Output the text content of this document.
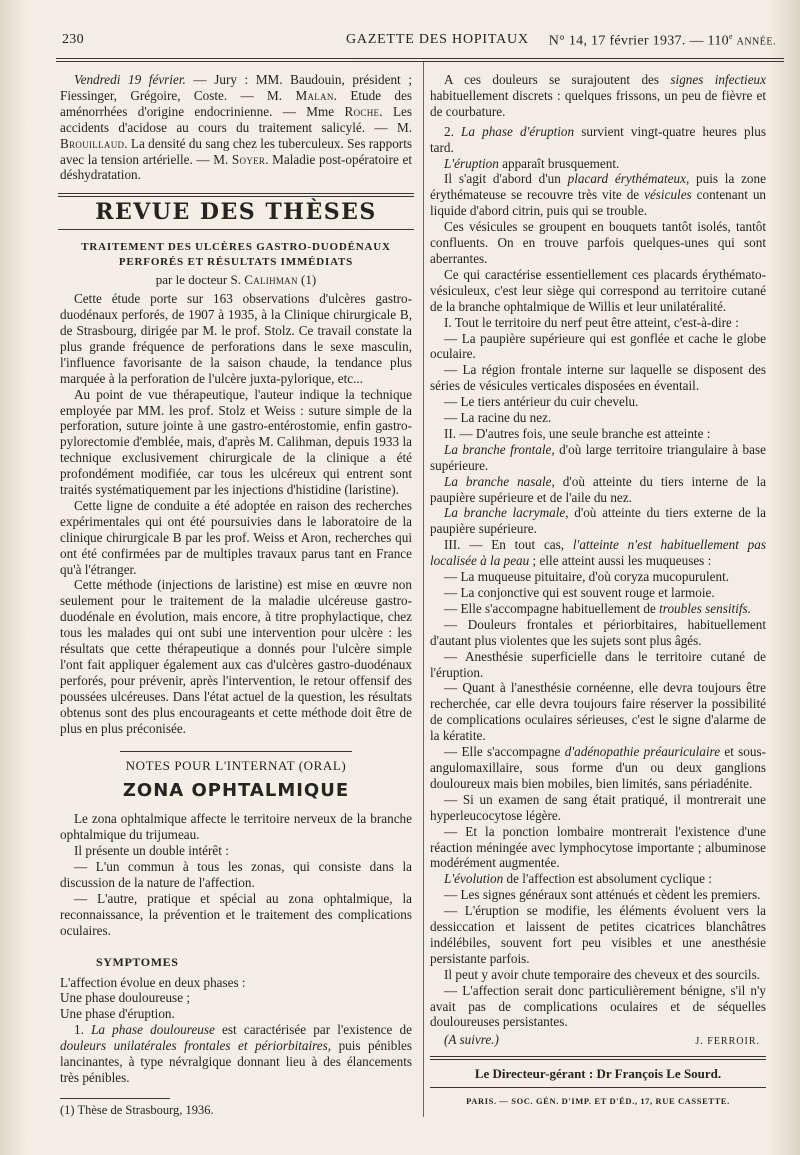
230	GAZETTE DES HOPITAUX N° 14, 17 février 1937. — 110e ANNÉE.

Vendredi 19 février. — Jury : MM. Baudouin, président ; Fiessinger, Grégoire, Coste. — M. Malan. Etude des aménorrhées d'origine endocrinienne. — Mme Roche. Les accidents d'acidose au cours du traitement salicylé. — M. Brouillaud. La densité du sang chez les tuberculeux. Ses rapports avec la tension artérielle. — M. Soyer. Maladie post-opératoire et déshydratation.

REVUE DES THÈSES
TRAITEMENT DES ULCÈRES GASTRO-DUODÉNAUX PERFORÉS ET RÉSULTATS IMMÉDIATS
par le docteur S. Calihman (1)

Cette étude porte sur 163 observations d'ulcères gastro-duodénaux perforés, de 1907 à 1935, à la Clinique chirurgicale B, de Strasbourg, dirigée par M. le prof. Stolz. Ce travail constate la plus grande fréquence de perforations dans le sexe masculin, l'influence favorisante de la saison chaude, la tendance plus marquée à la perforation de l'ulcère juxta-pylorique, etc...

Au point de vue thérapeutique, l'auteur indique la technique employée par MM. les prof. Stolz et Weiss : suture simple de la perforation, suture jointe à une gastro-entérostomie, enfin gastro-pylorectomie d'emblée, mais, d'après M. Calihman, depuis 1933 la technique exclusivement chirurgicale de la clinique a été profondément modifiée, car tous les ulcéreux qui entrent sont traités systématiquement par les injections d'histidine (laristine).

Cette ligne de conduite a été adoptée en raison des recherches expérimentales qui ont été poursuivies dans le laboratoire de la clinique chirurgicale B par les prof. Weiss et Aron, recherches qui ont été confirmées par de multiples travaux parus tant en France qu'à l'étranger.

Cette méthode (injections de laristine) est mise en œuvre non seulement pour le traitement de la maladie ulcéreuse gastro-duodénale en évolution, mais encore, à titre prophylactique, chez tous les malades qui ont subi une intervention pour ulcère : les résultats que cette thérapeutique a donnés pour l'ulcère simple l'ont fait appliquer également aux cas d'ulcères gastro-duodénaux perforés, pour prévenir, après l'intervention, le retour offensif des poussées ulcéreuses. Dans l'état actuel de la question, les résultats obtenus sont des plus encourageants et cette méthode doit être de plus en plus préconisée.

NOTES POUR L'INTERNAT (ORAL)
ZONA OPHTALMIQUE

Le zona ophtalmique affecte le territoire nerveux de la branche ophtalmique du trijumeau.

Il présente un double intérêt :

— L'un commun à tous les zonas, qui consiste dans la discussion de la nature de l'affection.

— L'autre, pratique et spécial au zona ophtalmique, la reconnaissance, la prévention et le traitement des complications oculaires.

SYMPTOMES

L'affection évolue en deux phases :

Une phase douloureuse ;

Une phase d'éruption.

1. La phase douloureuse est caractérisée par l'existence de douleurs unilatérales frontales et périorbitaires, puis pénibles lancinantes, à type névralgique donnant lieu à des élancements très pénibles.

(1) Thèse de Strasbourg, 1936.

A ces douleurs se surajoutent des signes infectieux habituellement discrets : quelques frissons, un peu de fièvre et de courbature.

2. La phase d'éruption survient vingt-quatre heures plus tard.

L'éruption apparaît brusquement.

Il s'agit d'abord d'un placard érythémateux, puis la zone érythémateuse se recouvre très vite de vésicules contenant un liquide d'abord citrin, puis qui se trouble.

Ces vésicules se groupent en bouquets tantôt isolés, tantôt confluents. On en trouve parfois quelques-unes qui sont aberrantes.

Ce qui caractérise essentiellement ces placards érythémato-vésiculeux, c'est leur siège qui correspond au territoire cutané de la branche ophtalmique de Willis et leur unilatéralité.

I. Tout le territoire du nerf peut être atteint, c'est-à-dire :

— La paupière supérieure qui est gonflée et cache le globe oculaire.

— La région frontale interne sur laquelle se disposent des séries de vésicules verticales disposées en éventail.

— Le tiers antérieur du cuir chevelu.

— La racine du nez.

II. — D'autres fois, une seule branche est atteinte :

La branche frontale, d'où large territoire triangulaire à base supérieure.

La branche nasale, d'où atteinte du tiers interne de la paupière supérieure et de l'aile du nez.

La branche lacrymale, d'où atteinte du tiers externe de la paupière supérieure.

III. — En tout cas, l'atteinte n'est habituellement pas localisée à la peau ; elle atteint aussi les muqueuses :

— La muqueuse pituitaire, d'où coryza mucopurulent.

— La conjonctive qui est souvent rouge et larmoie.

— Elle s'accompagne habituellement de troubles sensitifs.

— Douleurs frontales et périorbitaires, habituellement d'autant plus violentes que les sujets sont plus âgés.

— Anesthésie superficielle dans le territoire cutané de l'éruption.

— Quant à l'anesthésie cornéenne, elle devra toujours être recherchée, car elle devra toujours faire réserver la possibilité de complications oculaires sérieuses, c'est le signe d'alarme de la kératite.

— Elle s'accompagne d'adénopathie préauriculaire et sous-angulomaxillaire, sous forme d'un ou deux ganglions douloureux mais bien mobiles, bien limités, sans périadénite.

— Si un examen de sang était pratiqué, il montrerait une hyperleucocytose légère.

— Et la ponction lombaire montrerait l'existence d'une réaction méningée avec lymphocytose importante ; albuminose modérément augmentée.

L'évolution de l'affection est absolument cyclique :

— Les signes généraux sont atténués et cèdent les premiers.

— L'éruption se modifie, les éléments évoluent vers la dessiccation et laissent de petites cicatrices blanchâtres indélébiles, souvent fort peu visibles et une anesthésie persistante parfois.

Il peut y avoir chute temporaire des cheveux et des sourcils.

— L'affection serait donc particulièrement bénigne, s'il n'y avait pas de complications oculaires et de séquelles douloureuses persistantes.

(A suivre.)	J. FERROIR.
Le Directeur-gérant : Dr François Le Sourd.
PARIS. — SOC. GÉN. D'IMP. ET D'ÉD., 17, RUE CASSETTE.
